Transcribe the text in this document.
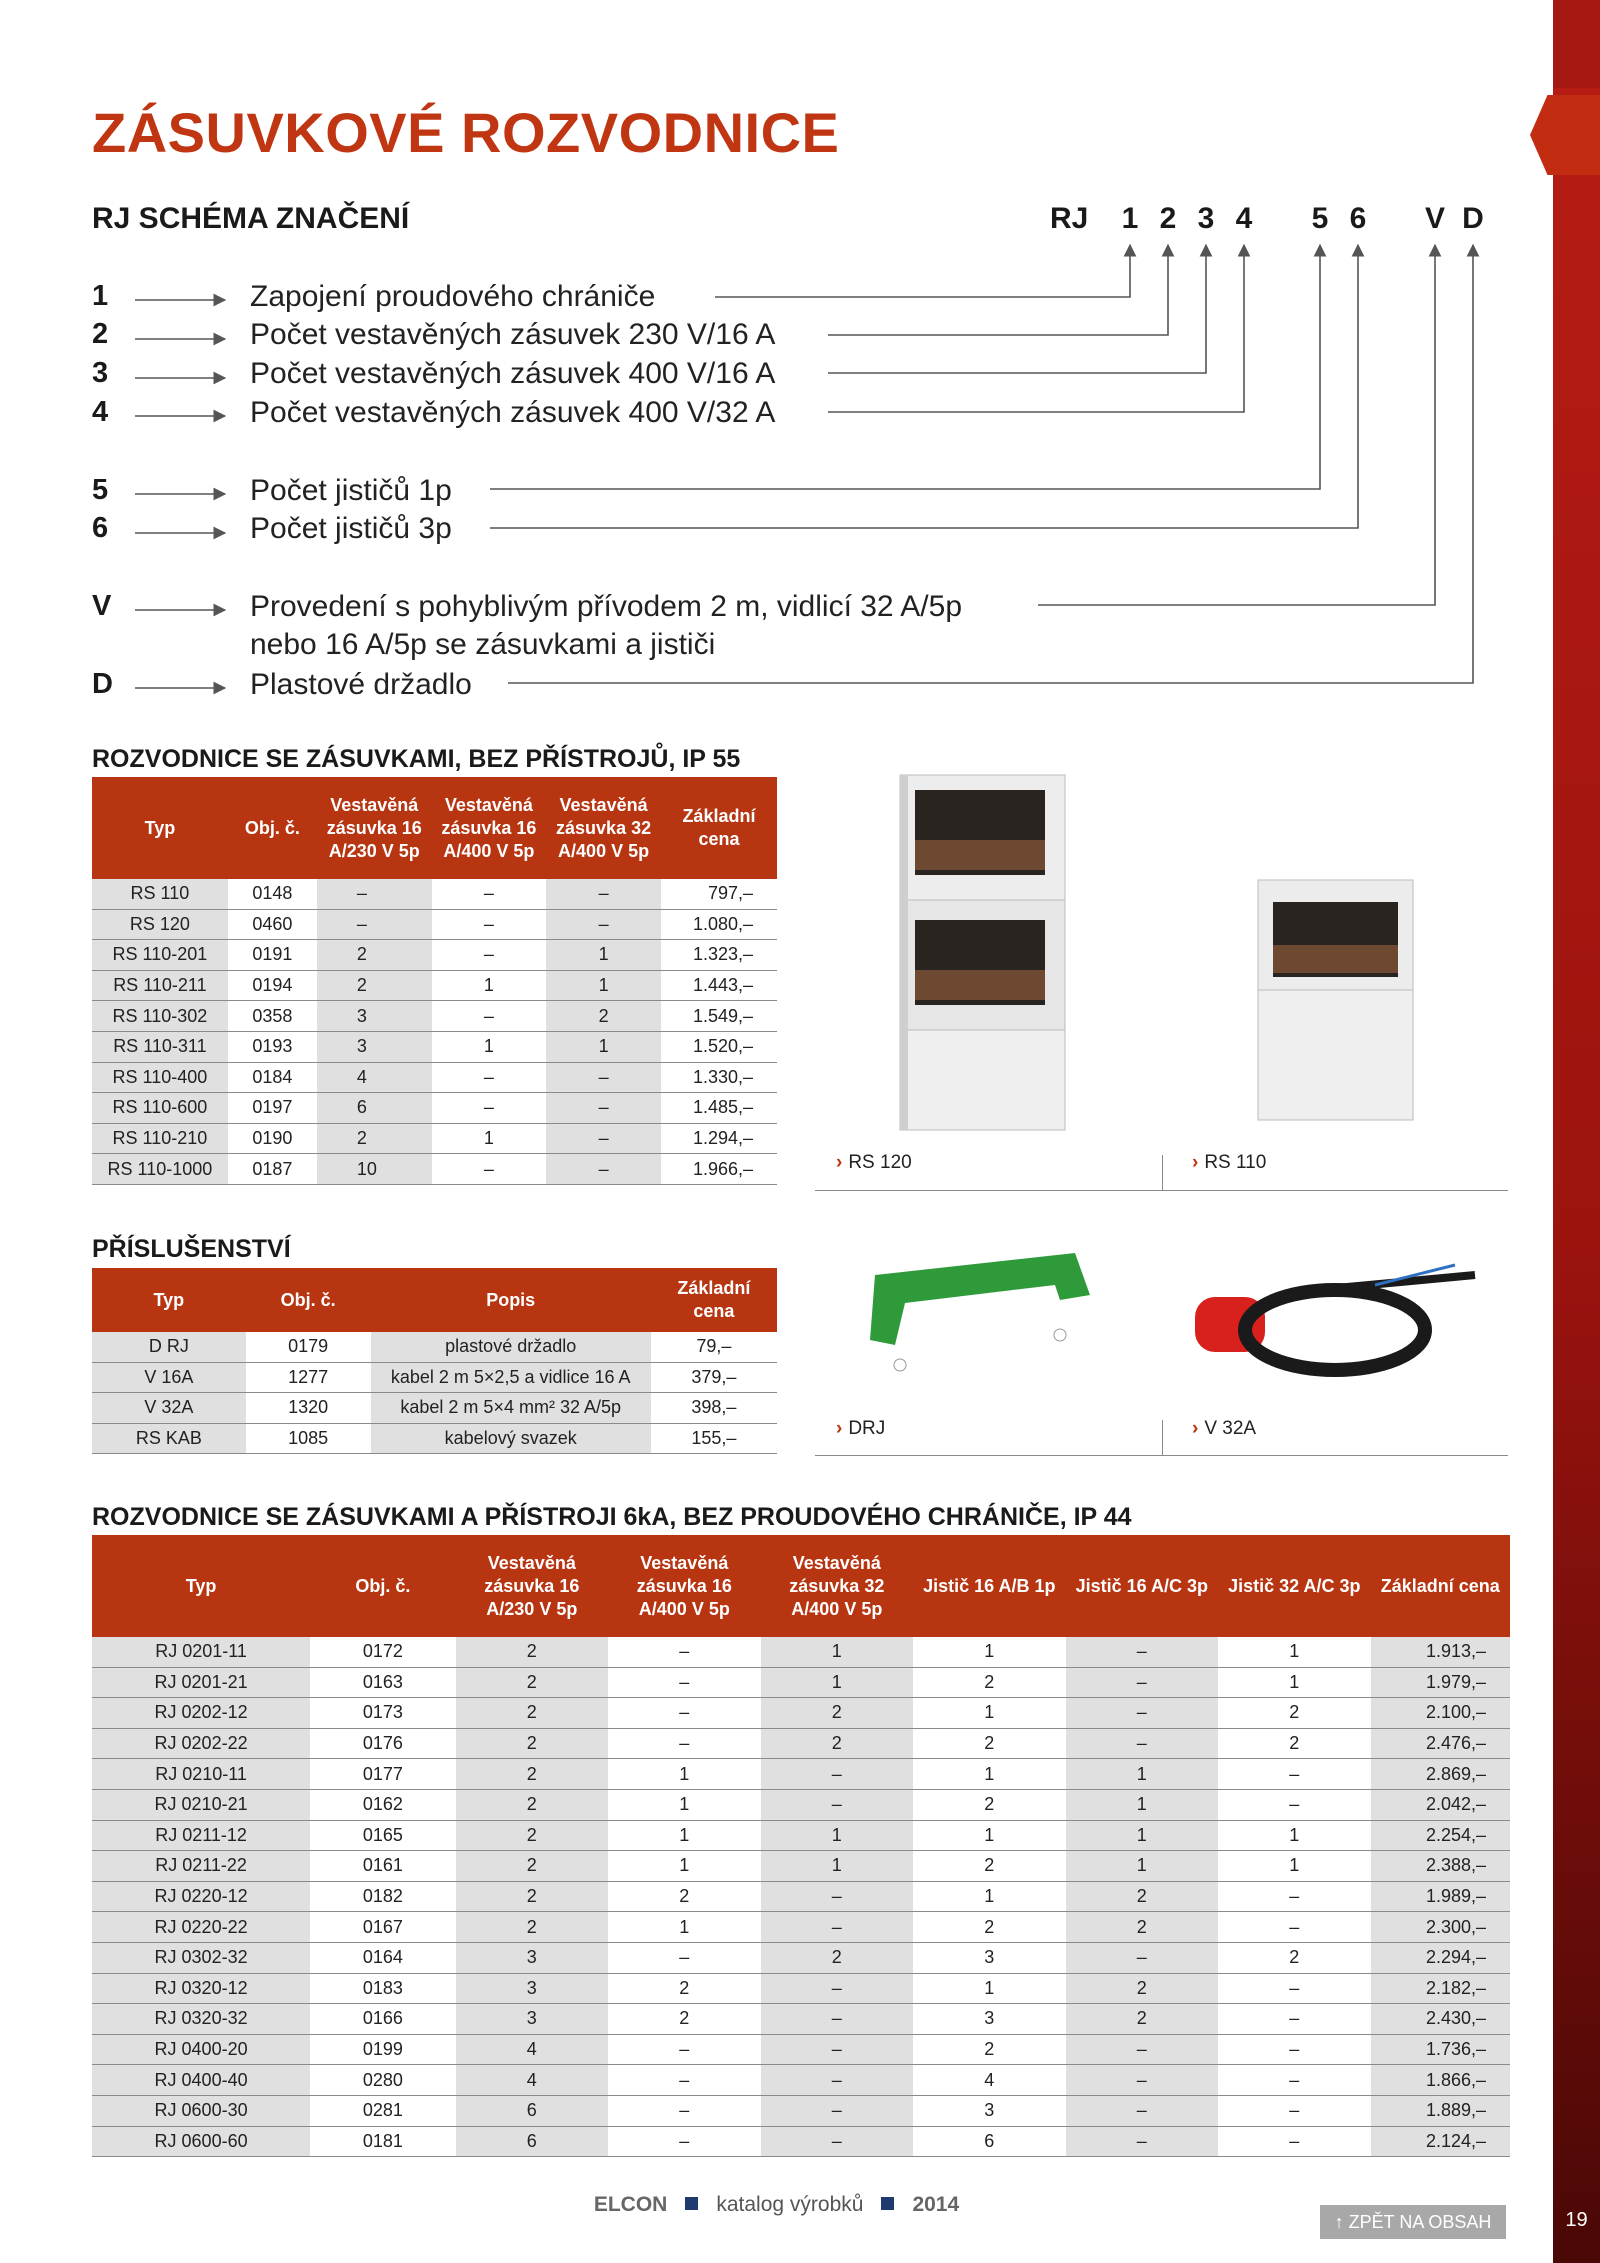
ZÁSUVKOVÉ ROZVODNICE
RJ SCHÉMA ZNAČENÍ	RJ 1 2 3 4 5 6 V D
1	Zapojení proudového chrániče
2	Počet vestavěných zásuvek 230 V/16 A
3	Počet vestavěných zásuvek 400 V/16 A
4	Počet vestavěných zásuvek 400 V/32 A
5	Počet jističů 1p
6	Počet jističů 3p
V	Provedení s pohyblivým přívodem 2 m, vidlicí 32 A/5p
nebo 16 A/5p se zásuvkami a jističi
D	Plastové držadlo
ROZVODNICE SE ZÁSUVKAMI, BEZ PŘÍSTROJŮ, IP 55
Typ	Obj. č.	Vestavěná zásuvka 16 A/230 V 5p	Vestavěná zásuvka 16 A/400 V 5p	Vestavěná zásuvka 32 A/400 V 5p	Základní cena
RS 110	0148	–	–	–	797,–
RS 120	0460	–	–	–	1.080,–
RS 110-201	0191	2	–	1	1.323,–
RS 110-211	0194	2	1	1	1.443,–
RS 110-302	0358	3	–	2	1.549,–
RS 110-311	0193	3	1	1	1.520,–
RS 110-400	0184	4	–	–	1.330,–
RS 110-600	0197	6	–	–	1.485,–
RS 110-210	0190	2	1	–	1.294,–
RS 110-1000	0187	10	–	–	1.966,–	› RS 120	› RS 110
PŘÍSLUŠENSTVÍ
Typ	Obj. č.	Popis	Základní cena
D RJ	0179	plastové držadlo	79,–
V 16A	1277	kabel 2 m 5×2,5 a vidlice 16 A	379,–
V 32A	1320	kabel 2 m 5×4 mm² 32 A/5p	398,–
RS KAB	1085	kabelový svazek	155,–	› DRJ	› V 32A
ROZVODNICE SE ZÁSUVKAMI A PŘÍSTROJI 6kA, BEZ PROUDOVÉHO CHRÁNIČE, IP 44
Typ	Obj. č.	Vestavěná zásuvka 16 A/230 V 5p	Vestavěná zásuvka 16 A/400 V 5p	Vestavěná zásuvka 32 A/400 V 5p	Jistič 16 A/B 1p	Jistič 16 A/C 3p	Jistič 32 A/C 3p	Základní cena
RJ 0201-11	0172	2	–	1	1	–	1	1.913,–
RJ 0201-21	0163	2	–	1	2	–	1	1.979,–
RJ 0202-12	0173	2	–	2	1	–	2	2.100,–
RJ 0202-22	0176	2	–	2	2	–	2	2.476,–
RJ 0210-11	0177	2	1	–	1	1	–	2.869,–
RJ 0210-21	0162	2	1	–	2	1	–	2.042,–
RJ 0211-12	0165	2	1	1	1	1	1	2.254,–
RJ 0211-22	0161	2	1	1	2	1	1	2.388,–
RJ 0220-12	0182	2	2	–	1	2	–	1.989,–
RJ 0220-22	0167	2	1	–	2	2	–	2.300,–
RJ 0302-32	0164	3	–	2	3	–	2	2.294,–
RJ 0320-12	0183	3	2	–	1	2	–	2.182,–
RJ 0320-32	0166	3	2	–	3	2	–	2.430,–
RJ 0400-20	0199	4	–	–	2	–	–	1.736,–
RJ 0400-40	0280	4	–	–	4	–	–	1.866,–
RJ 0600-30	0281	6	–	–	3	–	–	1.889,–
RJ 0600-60	0181	6	–	–	6	–	–	2.124,–
ELCON katalog výrobků 2014
↑ ZPĚT NA OBSAH	19
